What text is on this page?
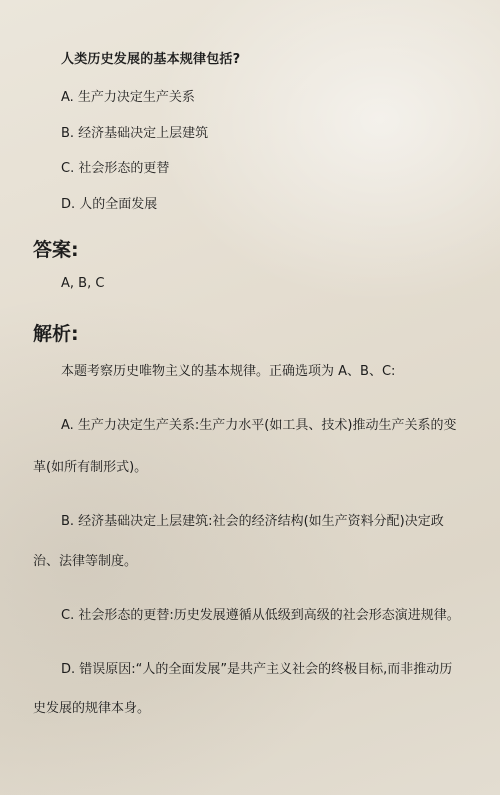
人类历史发展的基本规律包括?
A. 生产力决定生产关系
B. 经济基础决定上层建筑
C. 社会形态的更替
D. 人的全面发展
答案:
A, B, C
解析:
本题考察历史唯物主义的基本规律。正确选项为 A、B、C:
A. 生产力决定生产关系:生产力水平(如工具、技术)推动生产关系的变
革(如所有制形式)。
B. 经济基础决定上层建筑:社会的经济结构(如生产资料分配)决定政
治、法律等制度。
C. 社会形态的更替:历史发展遵循从低级到高级的社会形态演进规律。
D. 错误原因:“人的全面发展”是共产主义社会的终极目标,而非推动历
史发展的规律本身。
